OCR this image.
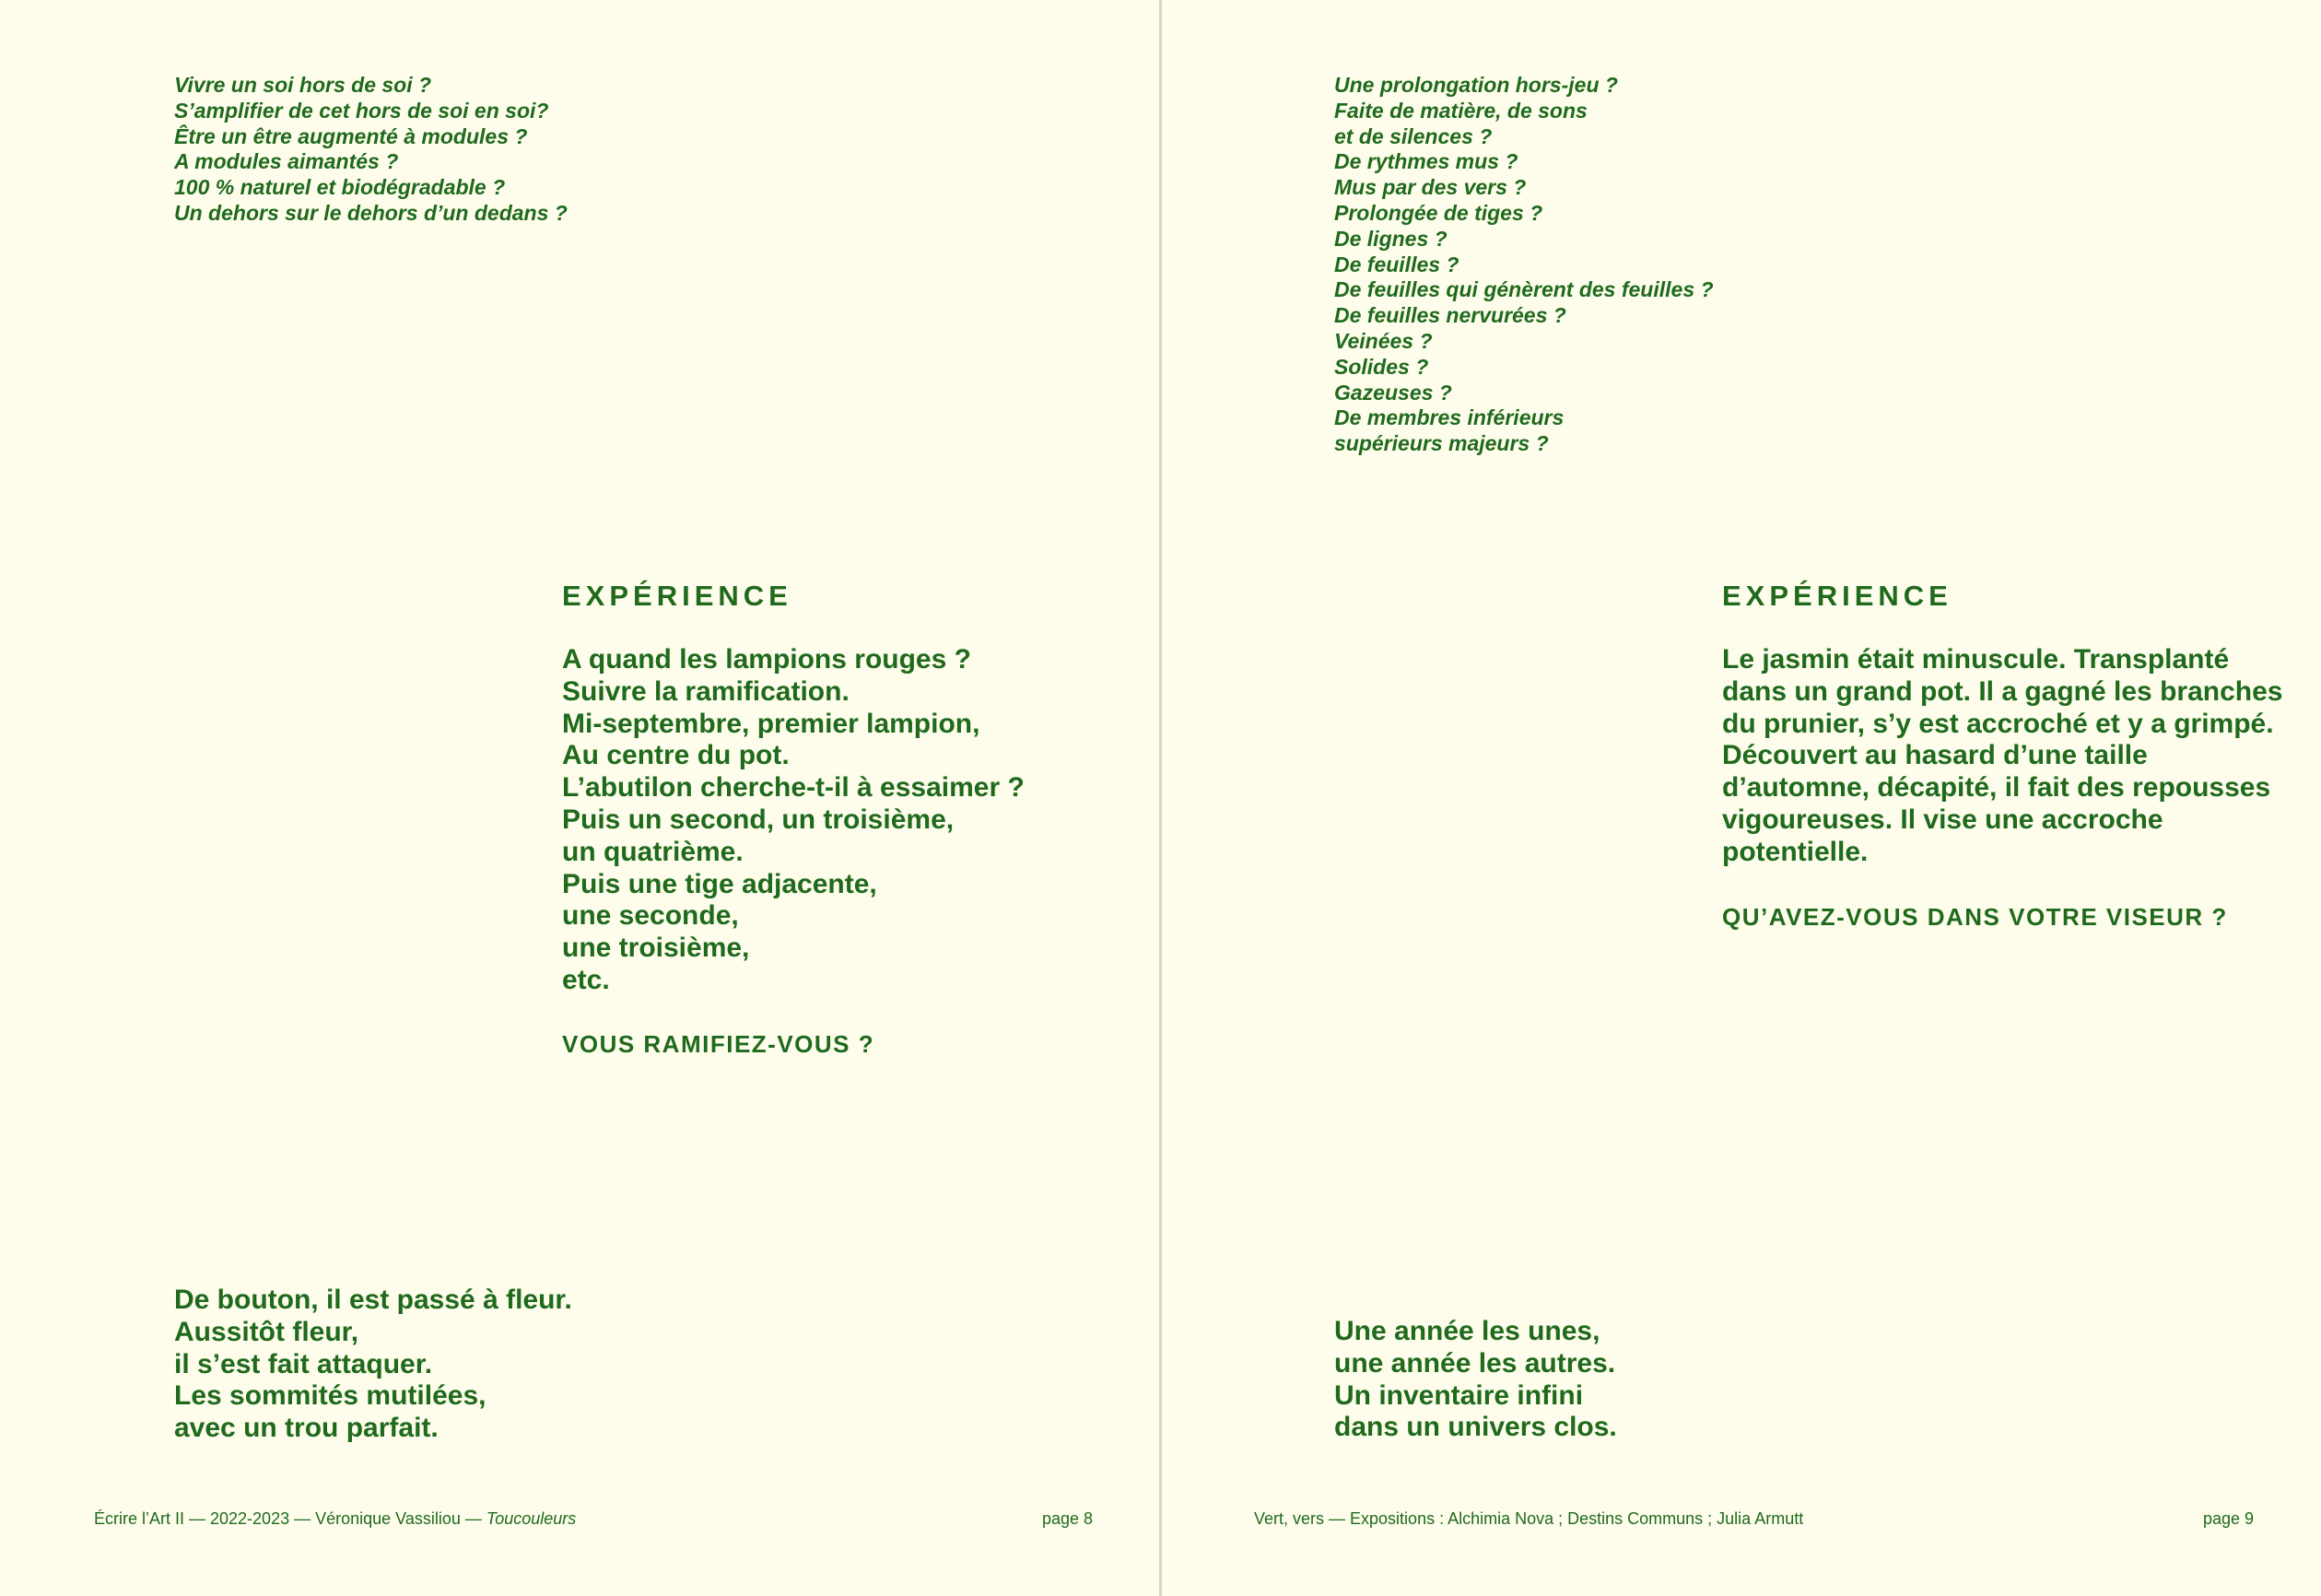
Vivre un soi hors de soi ?
S’amplifier de cet hors de soi en soi?
Être un être augmenté à modules ?
A modules aimantés ?
100 % naturel et biodégradable ?
Un dehors sur le dehors d’un dedans ?
EXPÉRIENCE
A quand les lampions rouges ?
Suivre la ramification.
Mi-septembre, premier lampion,
Au centre du pot.
L’abutilon cherche-t-il à essaimer ?
Puis un second, un troisième,
un quatrième.
Puis une tige adjacente,
une seconde,
une troisième,
etc.
VOUS RAMIFIEZ-VOUS ?
De bouton, il est passé à fleur.
Aussitôt fleur,
il s’est fait attaquer.
Les sommités mutilées,
avec un trou parfait.
Écrire l’Art II — 2022-2023 — Véronique Vassiliou — Toucouleurs	page 8
Une prolongation hors-jeu ?
Faite de matière, de sons
et de silences ?
De rythmes mus ?
Mus par des vers ?
Prolongée de tiges ?
De lignes ?
De feuilles ?
De feuilles qui génèrent des feuilles ?
De feuilles nervurées ?
Veinées ?
Solides ?
Gazeuses ?
De membres inférieurs
supérieurs majeurs ?
EXPÉRIENCE
Le jasmin était minuscule. Transplanté
dans un grand pot. Il a gagné les branches
du prunier, s’y est accroché et y a grimpé.
Découvert au hasard d’une taille
d’automne, décapité, il fait des repousses
vigoureuses. Il vise une accroche
potentielle.
QU’AVEZ-VOUS DANS VOTRE VISEUR ?
Une année les unes,
une année les autres.
Un inventaire infini
dans un univers clos.
Vert, vers — Expositions : Alchimia Nova ; Destins Communs ; Julia Armutt	page 9
